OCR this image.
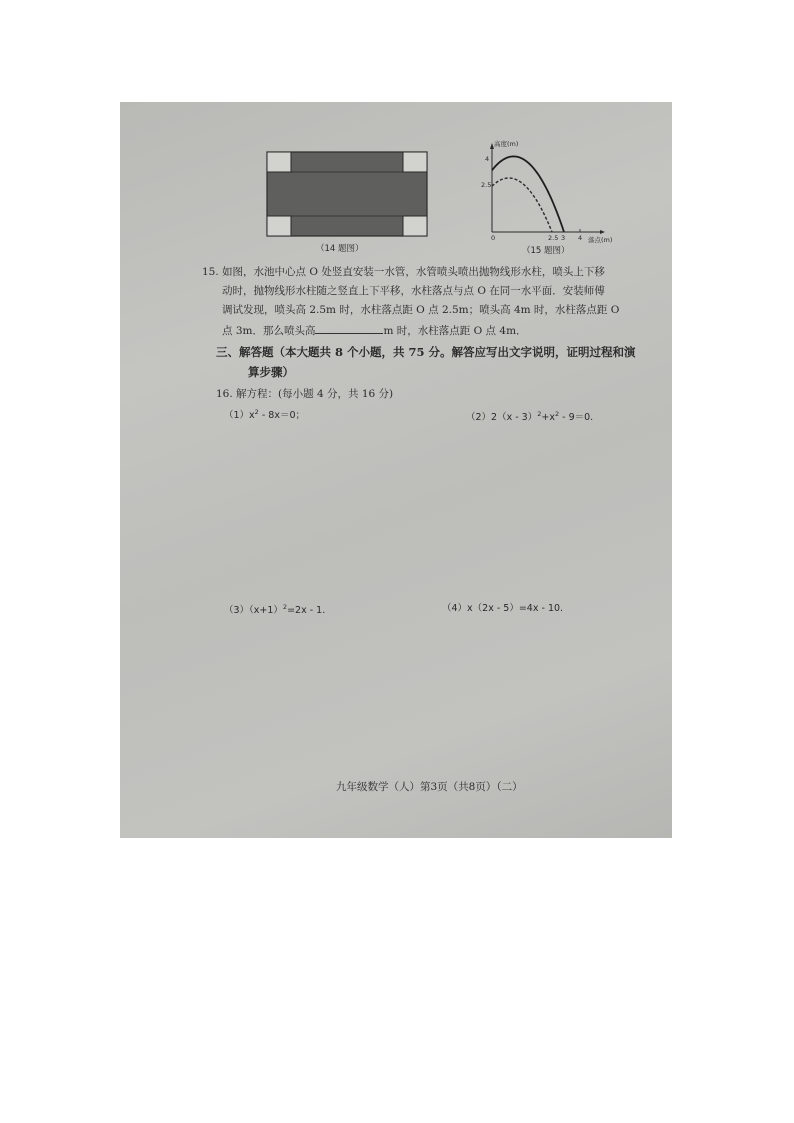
（14 题图）
高度(m)
落点(m)
0
4
2.5
2.5 3 4
（15 题图）
15. 如图，水池中心点 O 处竖直安装一水管，水管喷头喷出抛物线形水柱，喷头上下移
动时，抛物线形水柱随之竖直上下平移，水柱落点与点 O 在同一水平面．安装师傅
调试发现，喷头高 2.5m 时，水柱落点距 O 点 2.5m；喷头高 4m 时，水柱落点距 O
点 3m．那么喷头高	m 时，水柱落点距 O 点 4m．
三、解答题（本大题共 8 个小题，共 75 分。解答应写出文字说明，证明过程和演
算步骤）
16. 解方程：(每小题 4 分，共 16 分)
$(1)x^2 - 8x=0$；	$(2)2(x - 3)^2+x^2 - 9=0$.
$(3)(x+1)^2=2x - 1$.	（4）x（2x - 5）=4x - 10.
九年级数学（人）第3页（共8页）（二）
